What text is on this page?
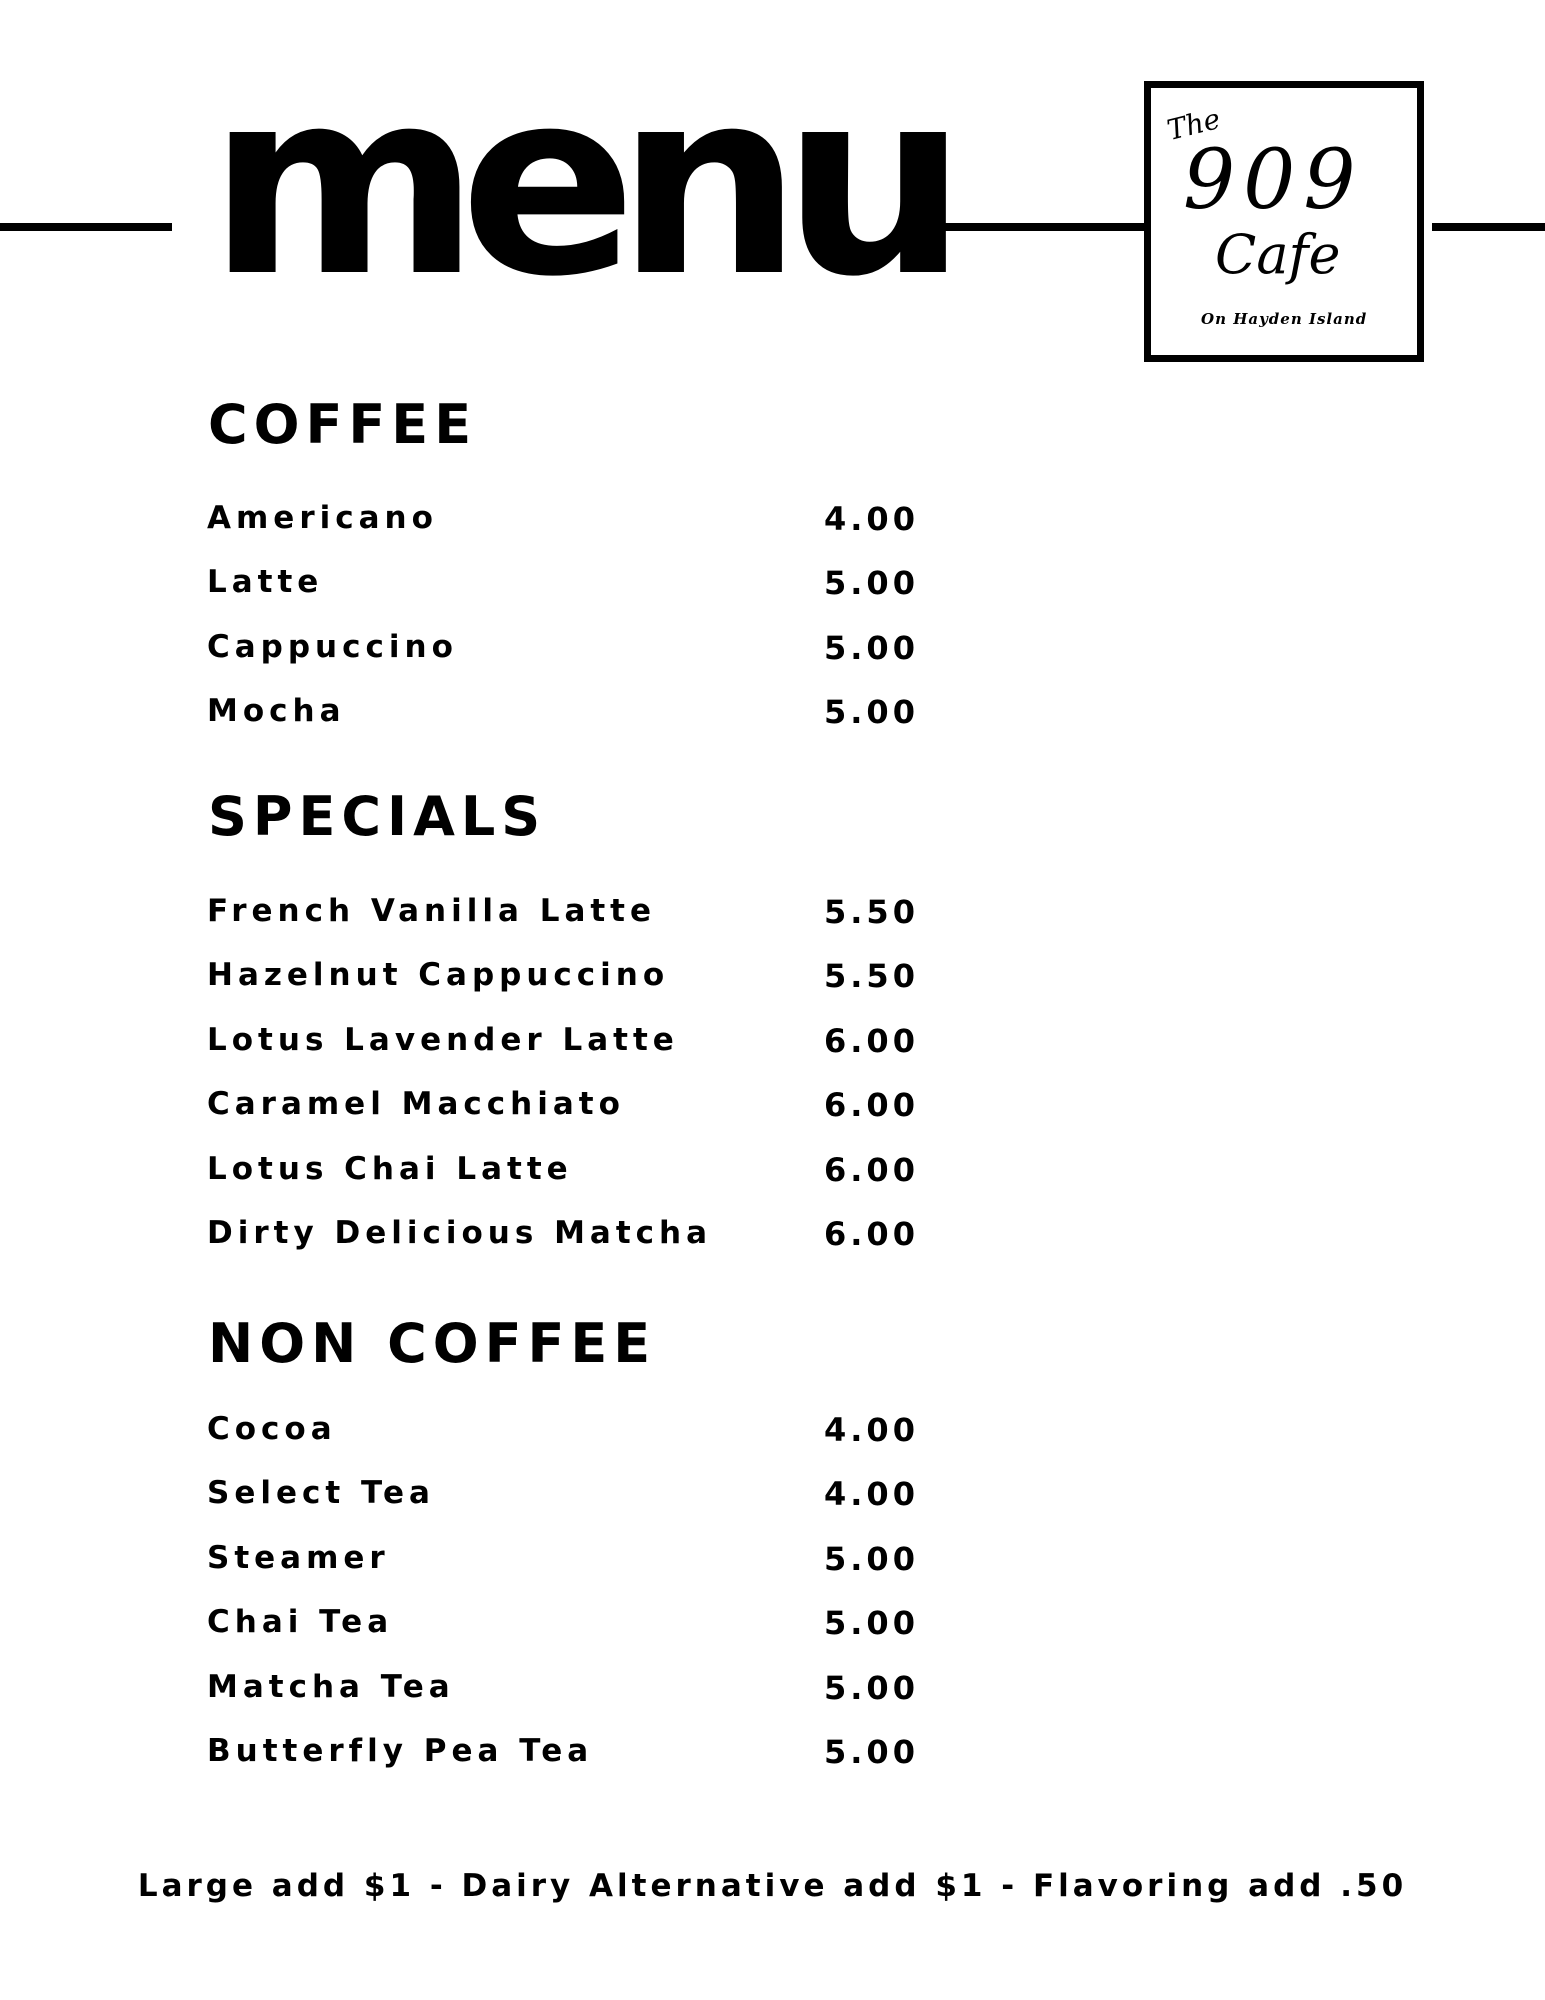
menu	The
909
Cafe
On Hayden Island
COFFEE
Americano	4.00
Latte	5.00
Cappuccino	5.00
Mocha	5.00
SPECIALS
French Vanilla Latte	5.50
Hazelnut Cappuccino	5.50
Lotus Lavender Latte	6.00
Caramel Macchiato	6.00
Lotus Chai Latte	6.00
Dirty Delicious Matcha	6.00
NON COFFEE
Cocoa	4.00
Select Tea	4.00
Steamer	5.00
Chai Tea	5.00
Matcha Tea	5.00
Butterfly Pea Tea	5.00

Large add $1 - Dairy Alternative add $1 - Flavoring add .50
